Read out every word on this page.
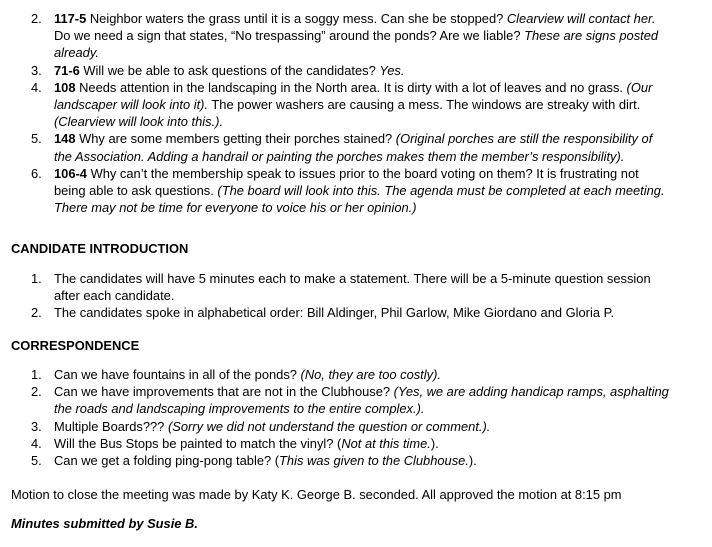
2. 117-5 Neighbor waters the grass until it is a soggy mess. Can she be stopped? Clearview will contact her.
Do we need a sign that states, “No trespassing” around the ponds? Are we liable? These are signs posted
already.
3. 71-6 Will we be able to ask questions of the candidates? Yes.
4. 108 Needs attention in the landscaping in the North area. It is dirty with a lot of leaves and no grass. (Our
landscaper will look into it). The power washers are causing a mess. The windows are streaky with dirt.
(Clearview will look into this.).
5. 148 Why are some members getting their porches stained? (Original porches are still the responsibility of
the Association. Adding a handrail or painting the porches makes them the member’s responsibility).
6. 106-4 Why can’t the membership speak to issues prior to the board voting on them? It is frustrating not
being able to ask questions. (The board will look into this. The agenda must be completed at each meeting.
There may not be time for everyone to voice his or her opinion.)
CANDIDATE INTRODUCTION
1. The candidates will have 5 minutes each to make a statement. There will be a 5-minute question session
after each candidate.
2. The candidates spoke in alphabetical order: Bill Aldinger, Phil Garlow, Mike Giordano and Gloria P.
CORRESPONDENCE
1. Can we have fountains in all of the ponds? (No, they are too costly).
2. Can we have improvements that are not in the Clubhouse? (Yes, we are adding handicap ramps, asphalting
the roads and landscaping improvements to the entire complex.).
3. Multiple Boards??? (Sorry we did not understand the question or comment.).
4. Will the Bus Stops be painted to match the vinyl? (Not at this time.).
5. Can we get a folding ping-pong table? (This was given to the Clubhouse.).
Motion to close the meeting was made by Katy K. George B. seconded. All approved the motion at 8:15 pm
Minutes submitted by Susie B.
